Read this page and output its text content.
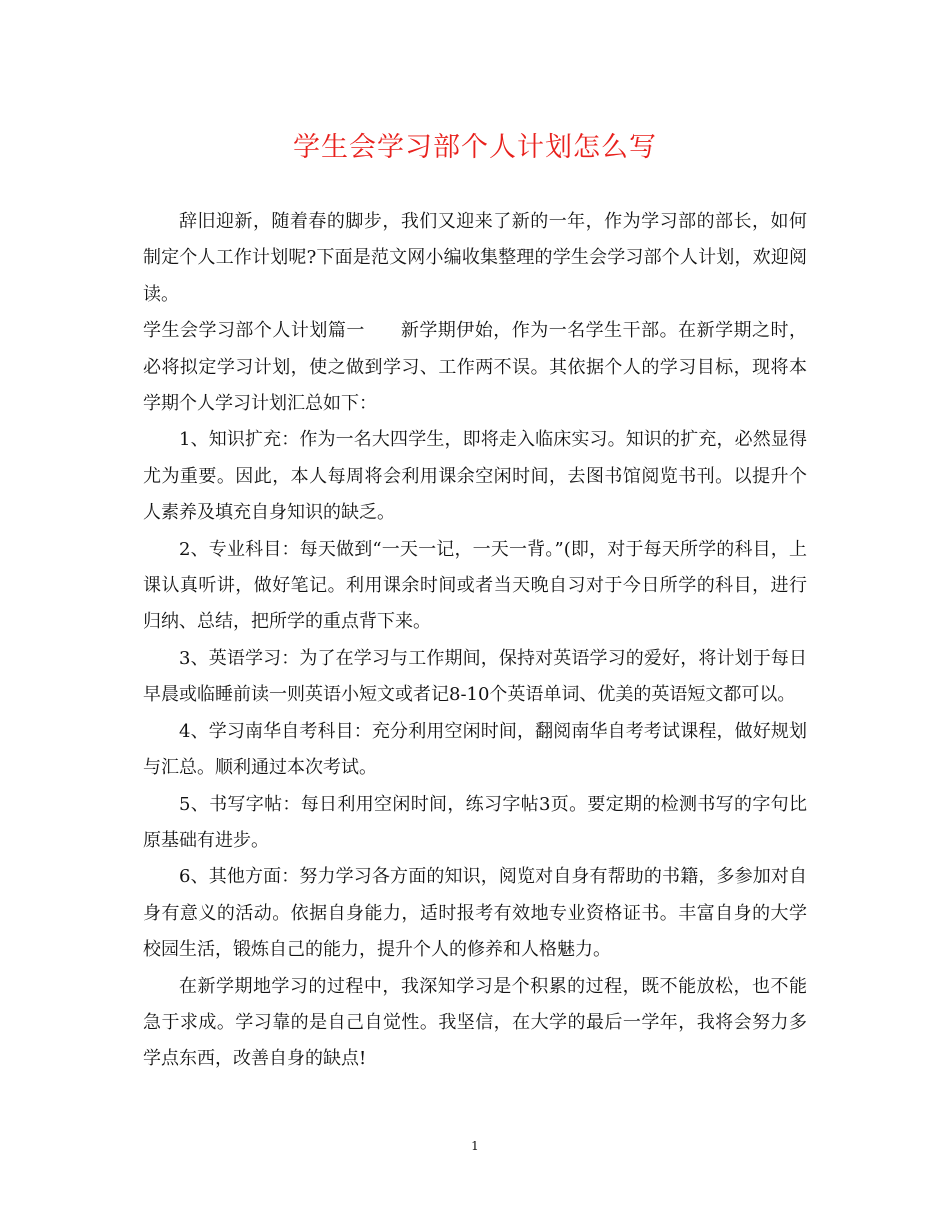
学生会学习部个人计划怎么写

辞旧迎新，随着春的脚步，我们又迎来了新的一年，作为学习部的部长，如何制定个人工作计划呢?下面是范文网小编收集整理的学生会学习部个人计划，欢迎阅读。

学生会学习部个人计划篇一 新学期伊始，作为一名学生干部。在新学期之时，必将拟定学习计划，使之做到学习、工作两不误。其依据个人的学习目标，现将本学期个人学习计划汇总如下：

1、知识扩充：作为一名大四学生，即将走入临床实习。知识的扩充，必然显得尤为重要。因此，本人每周将会利用课余空闲时间，去图书馆阅览书刊。以提升个人素养及填充自身知识的缺乏。

2、专业科目：每天做到“一天一记，一天一背。”(即，对于每天所学的科目，上课认真听讲，做好笔记。利用课余时间或者当天晚自习对于今日所学的科目，进行归纳、总结，把所学的重点背下来。

3、英语学习：为了在学习与工作期间，保持对英语学习的爱好，将计划于每日早晨或临睡前读一则英语小短文或者记8-10个英语单词、优美的英语短文都可以。

4、学习南华自考科目：充分利用空闲时间，翻阅南华自考考试课程，做好规划与汇总。顺利通过本次考试。

5、书写字帖：每日利用空闲时间，练习字帖3页。要定期的检测书写的字句比原基础有进步。

6、其他方面：努力学习各方面的知识，阅览对自身有帮助的书籍，多参加对自身有意义的活动。依据自身能力，适时报考有效地专业资格证书。丰富自身的大学校园生活，锻炼自己的能力，提升个人的修养和人格魅力。

在新学期地学习的过程中，我深知学习是个积累的过程，既不能放松，也不能急于求成。学习靠的是自己自觉性。我坚信，在大学的最后一学年，我将会努力多学点东西，改善自身的缺点!

1
